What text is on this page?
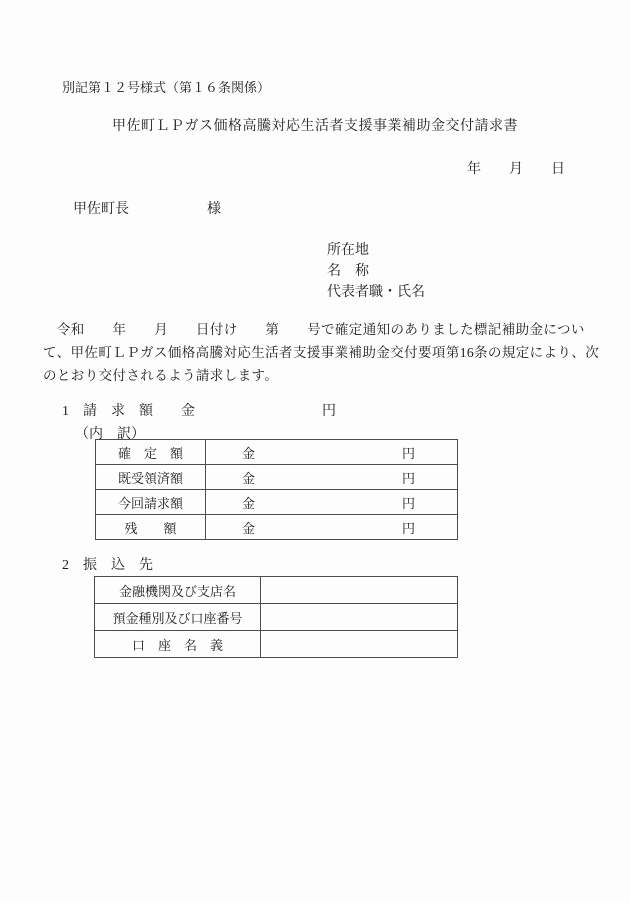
別記第１２号様式（第１６条関係）
甲佐町ＬＰガス価格高騰対応生活者支援事業補助金交付請求書
年　　月　　日
甲佐町長	様
所在地
名　称
代表者職・氏名
　令和　　年　　月　　日付け　　第　　号で確定通知のありました標記補助金につい
て、甲佐町ＬＰガス価格高騰対応生活者支援事業補助金交付要項第16条の規定により、次
のとおり交付されるよう請求します。
1　請　求　額　　金	円
（内　訳）
確　定　額	金 円

既受領済額	金 円

今回請求額	金 円

残　　額	金 円
2　振　込　先
金融機関及び支店名	
預金種別及び口座番号	
口　座　名　義	
